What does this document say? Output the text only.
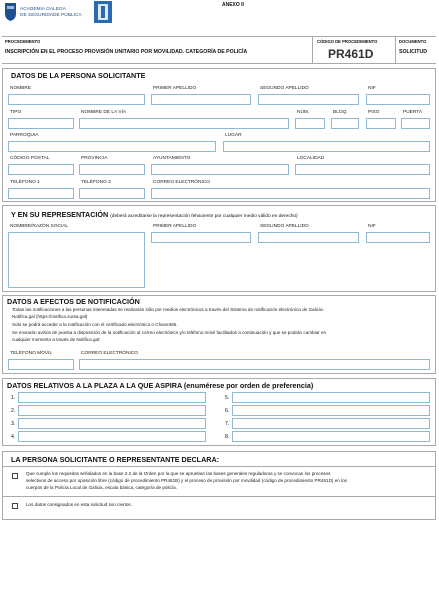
ACADEMIA GALEGA
DE SEGURIDADE PÚBLICA
ANEXO II
PROCEDIMIENTO
INSCRIPCIÓN EN EL PROCESO PROVISIÓN UNITARIO POR MOVILIDAD. CATEGORÍA DE POLICÍA
CÓDIGO DE PROCEDIMIENTO
PR461D
DOCUMENTO
SOLICITUD
DATOS DE LA PERSONA SOLICITANTE
NOMBRE	PRIMER APELLIDO	SEGUNDO APELLIDO	NIF
TIPO	NOMBRE DE LA VÍA	NÚM.	BLOQ.	PISO	PUERTA
PARROQUIA	LUGAR
CÓDIGO POSTAL	PROVINCIA	AYUNTAMIENTO	LOCALIDAD
TELÉFONO 1	TELÉFONO 2	CORREO ELECTRÓNICO
Y EN SU REPRESENTACIÓN (deberá acreditarse la representación fehaciente por cualquier medio válido en derecho)
NOMBRE/RAZÓN SOCIAL	PRIMER APELLIDO	SEGUNDO APELLIDO	NIF
DATOS A EFECTOS DE NOTIFICACIÓN
Todas las notificaciones a las personas interesadas se realizarán sólo por medios electrónicos a través del Sistema de notificación electrónica de Galicia-
Notifica.gal (https://notifica.xunta.gal)
Solo se podrá acceder a la notificación con el certificado electrónico o Chave365.
Se enviarán avisos de puesta a disposición de la notificación al correo electrónico y/o teléfono móvil facilitados a continuación y que se podrán cambiar en
cualquier momento a través de Notifica.gal:
TELÉFONO MÓVIL	CORREO ELECTRÓNICO
DATOS RELATIVOS A LA PLAZA A LA QUE ASPIRA (enumérese por orden de preferencia)
1.
2.
3.
4.
5.
6.
7.
8.
LA PERSONA SOLICITANTE O REPRESENTANTE DECLARA:
Que cumple los requisitos señalados en la base 2.2 de la Orden por la que se aprueban las bases generales reguladoras y se convocan los procesos
selectivos de acceso por oposición libre (código de procedimiento PR461B) y el proceso de provisión por movilidad (código de procedimiento PR461D) en los
cuerpos de la Policía Local de Galicia, escala básica, categoría de policía.
Los datos consignados en esta solicitud son ciertos.
